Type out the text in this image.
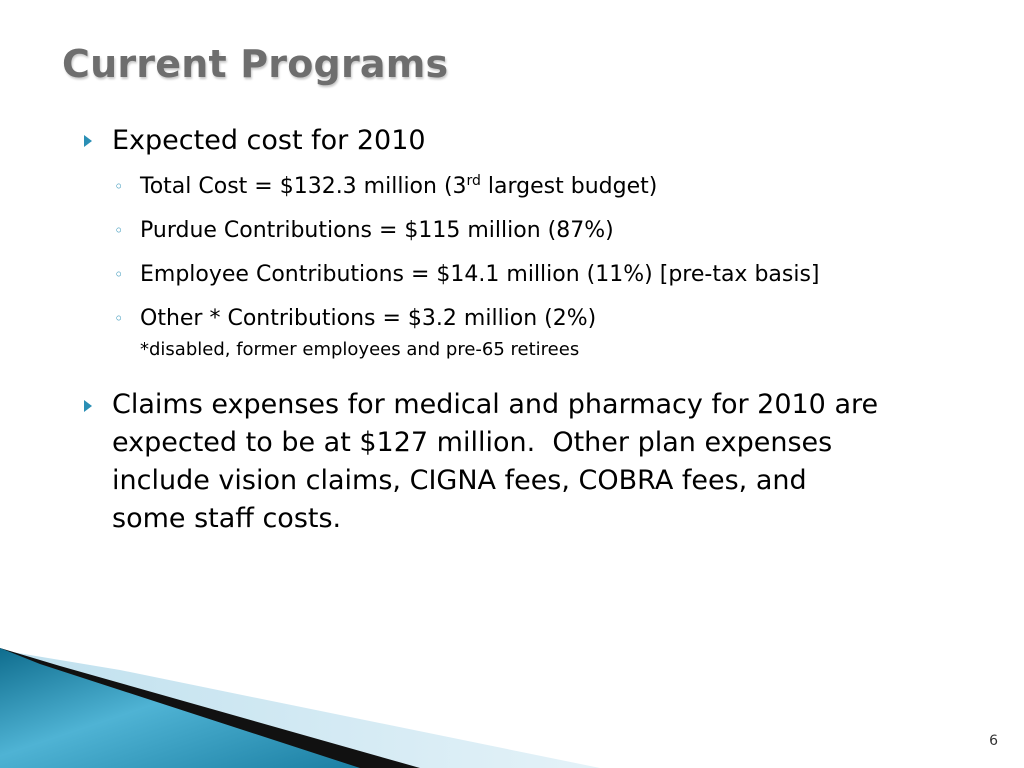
Current Programs
Expected cost for 2010
◦ Total Cost = $132.3 million (3rd largest budget)
◦ Purdue Contributions = $115 million (87%)
◦ Employee Contributions = $14.1 million (11%) [pre-tax basis]
◦ Other * Contributions = $3.2 million (2%)
*disabled, former employees and pre-65 retirees
Claims expenses for medical and pharmacy for 2010 are
expected to be at $127 million.  Other plan expenses
include vision claims, CIGNA fees, COBRA fees, and
some staff costs.
6
